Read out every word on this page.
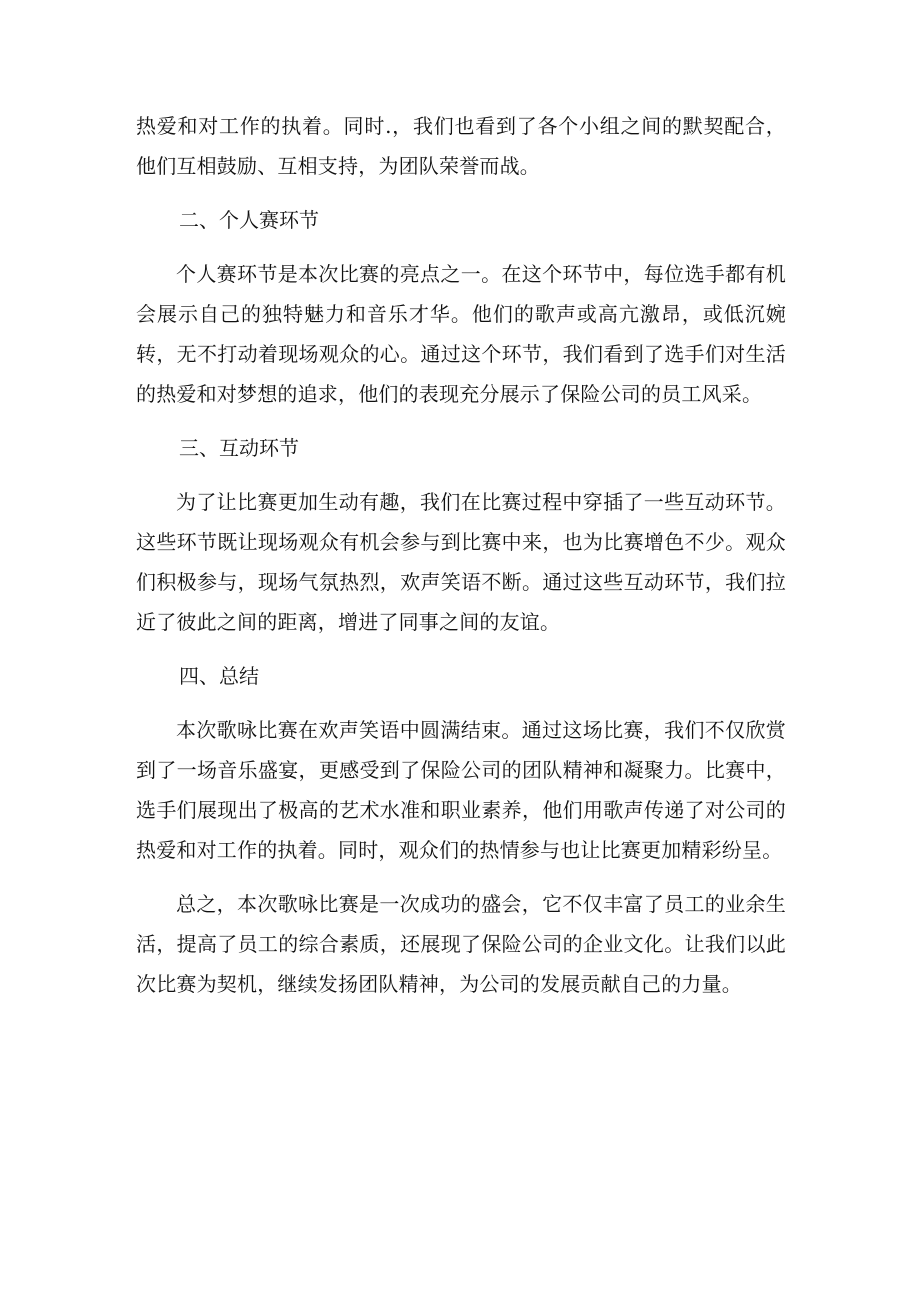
热爱和对工作的执着。同时.，我们也看到了各个小组之间的默契配合，他们互相鼓励、互相支持，为团队荣誉而战。

二、个人赛环节

个人赛环节是本次比赛的亮点之一。在这个环节中，每位选手都有机会展示自己的独特魅力和音乐才华。他们的歌声或高亢激昂，或低沉婉转，无不打动着现场观众的心。通过这个环节，我们看到了选手们对生活的热爱和对梦想的追求，他们的表现充分展示了保险公司的员工风采。

三、互动环节

为了让比赛更加生动有趣，我们在比赛过程中穿插了一些互动环节。这些环节既让现场观众有机会参与到比赛中来，也为比赛增色不少。观众们积极参与，现场气氛热烈，欢声笑语不断。通过这些互动环节，我们拉近了彼此之间的距离，增进了同事之间的友谊。

四、总结

本次歌咏比赛在欢声笑语中圆满结束。通过这场比赛，我们不仅欣赏到了一场音乐盛宴，更感受到了保险公司的团队精神和凝聚力。比赛中，选手们展现出了极高的艺术水准和职业素养，他们用歌声传递了对公司的热爱和对工作的执着。同时，观众们的热情参与也让比赛更加精彩纷呈。

总之，本次歌咏比赛是一次成功的盛会，它不仅丰富了员工的业余生活，提高了员工的综合素质，还展现了保险公司的企业文化。让我们以此次比赛为契机，继续发扬团队精神，为公司的发展贡献自己的力量。
